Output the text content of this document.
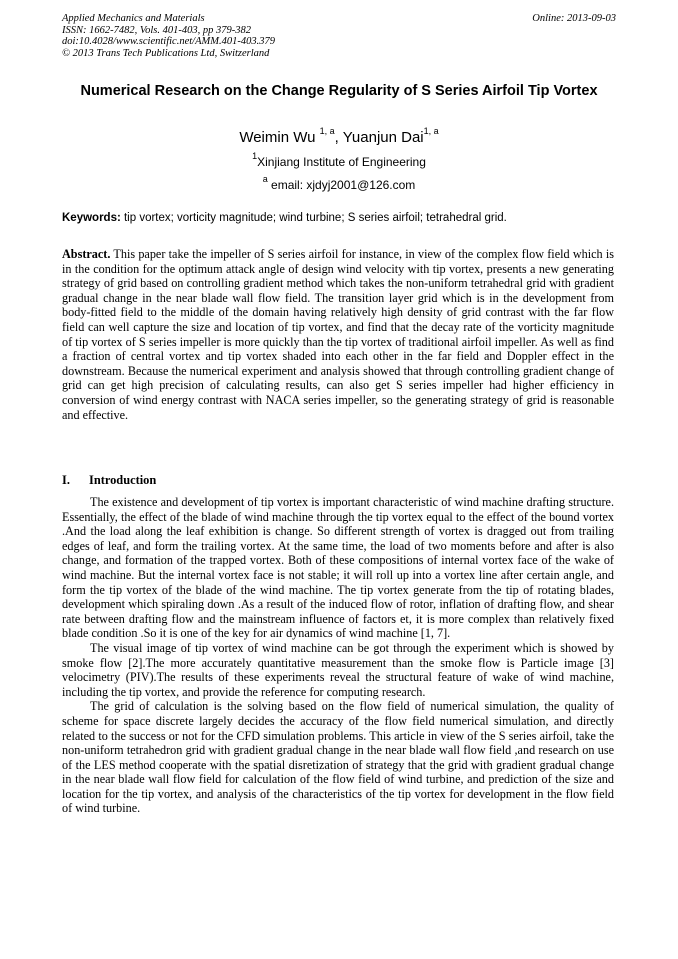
Applied Mechanics and Materials
ISSN: 1662-7482, Vols. 401-403, pp 379-382
doi:10.4028/www.scientific.net/AMM.401-403.379
© 2013 Trans Tech Publications Ltd, Switzerland
Online: 2013-09-03
Numerical Research on the Change Regularity of S Series Airfoil Tip Vortex
Weimin Wu $^{1, a}$, Yuanjun Dai$^{1, a}$
$^1$Xinjiang Institute of Engineering
$^a$ email: xjdyj2001@126.com
Keywords: tip vortex; vorticity magnitude; wind turbine; S series airfoil; tetrahedral grid.
Abstract. This paper take the impeller of S series airfoil for instance, in view of the complex flow field which is in the condition for the optimum attack angle of design wind velocity with tip vortex, presents a new generating strategy of grid based on controlling gradient method which takes the non-uniform tetrahedral grid with gradient gradual change in the near blade wall flow field. The transition layer grid which is in the development from body-fitted field to the middle of the domain having relatively high density of grid contrast with the far flow field can well capture the size and location of tip vortex, and find that the decay rate of the vorticity magnitude of tip vortex of S series impeller is more quickly than the tip vortex of traditional airfoil impeller. As well as find a fraction of central vortex and tip vortex shaded into each other in the far field and Doppler effect in the downstream. Because the numerical experiment and analysis showed that through controlling gradient change of grid can get high precision of calculating results, can also get S series impeller had higher efficiency in conversion of wind energy contrast with NACA series impeller, so the generating strategy of grid is reasonable and effective.
I. Introduction

The existence and development of tip vortex is important characteristic of wind machine drafting structure. Essentially, the effect of the blade of wind machine through the tip vortex equal to the effect of the bound vortex .And the load along the leaf exhibition is change. So different strength of vortex is dragged out from trailing edges of leaf, and form the trailing vortex. At the same time, the load of two moments before and after is also change, and formation of the trapped vortex. Both of these compositions of internal vortex face of the wake of wind machine. But the internal vortex face is not stable; it will roll up into a vortex line after certain angle, and form the tip vortex of the blade of the wind machine. The tip vortex generate from the tip of rotating blades, development which spiraling down .As a result of the induced flow of rotor, inflation of drafting flow, and shear rate between drafting flow and the mainstream influence of factors et, it is more complex than relatively fixed blade condition .So it is one of the key for air dynamics of wind machine [1, 7].

The visual image of tip vortex of wind machine can be got through the experiment which is showed by smoke flow [2].The more accurately quantitative measurement than the smoke flow is Particle image [3] velocimetry (PIV).The results of these experiments reveal the structural feature of wake of wind machine, including the tip vortex, and provide the reference for computing research.

The grid of calculation is the solving based on the flow field of numerical simulation, the quality of scheme for space discrete largely decides the accuracy of the flow field numerical simulation, and directly related to the success or not for the CFD simulation problems. This article in view of the S series airfoil, take the non-uniform tetrahedron grid with gradient gradual change in the near blade wall flow field ,and research on use of the LES method cooperate with the spatial disretization of strategy that the grid with gradient gradual change in the near blade wall flow field for calculation of the flow field of wind turbine, and prediction of the size and location for the tip vortex, and analysis of the characteristics of the tip vortex for development in the flow field of wind turbine.
